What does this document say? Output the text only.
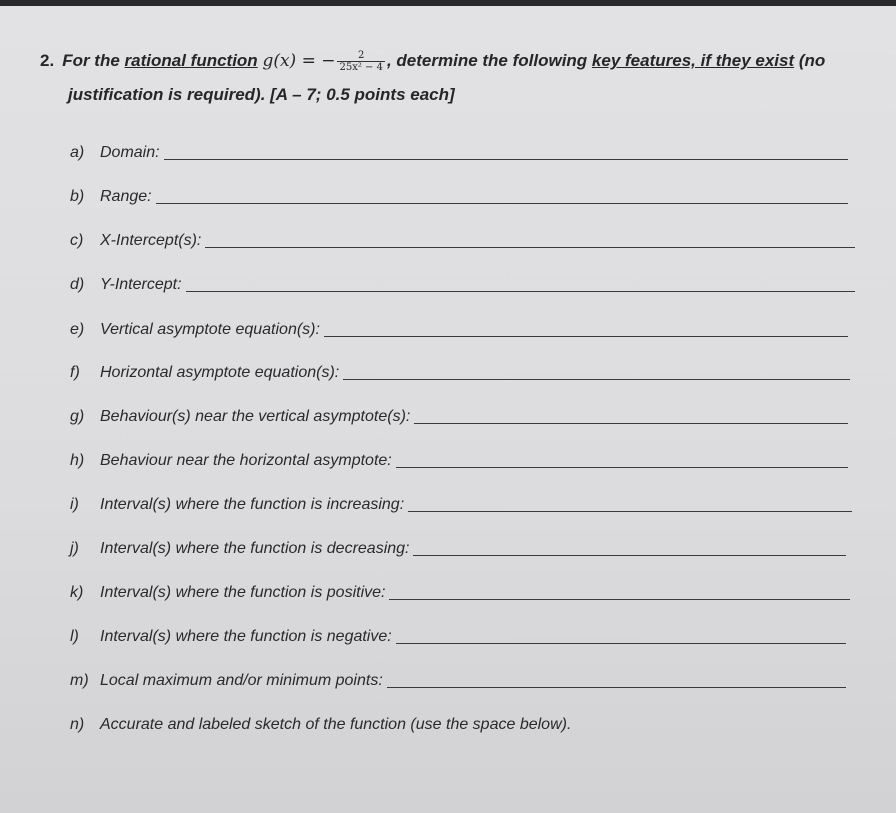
2. For the rational function g(x) = − $\frac{2}{\text{25x² − 4}}$ , determine the following key features, if they exist (no
justification is required). [A – 7; 0.5 points each]
a) Domain:
b) Range:
c)	X-Intercept(s):
d) Y-Intercept:
e) Vertical asymptote equation(s):
f)	Horizontal asymptote equation(s):
g) Behaviour(s) near the vertical asymptote(s):
h) Behaviour near the horizontal asymptote:
i)	Interval(s) where the function is increasing:
j)	Interval(s) where the function is decreasing:
k)	Interval(s) where the function is positive:
l)	Interval(s) where the function is negative:
m) Local maximum and/or minimum points:
n) Accurate and labeled sketch of the function (use the space below).
